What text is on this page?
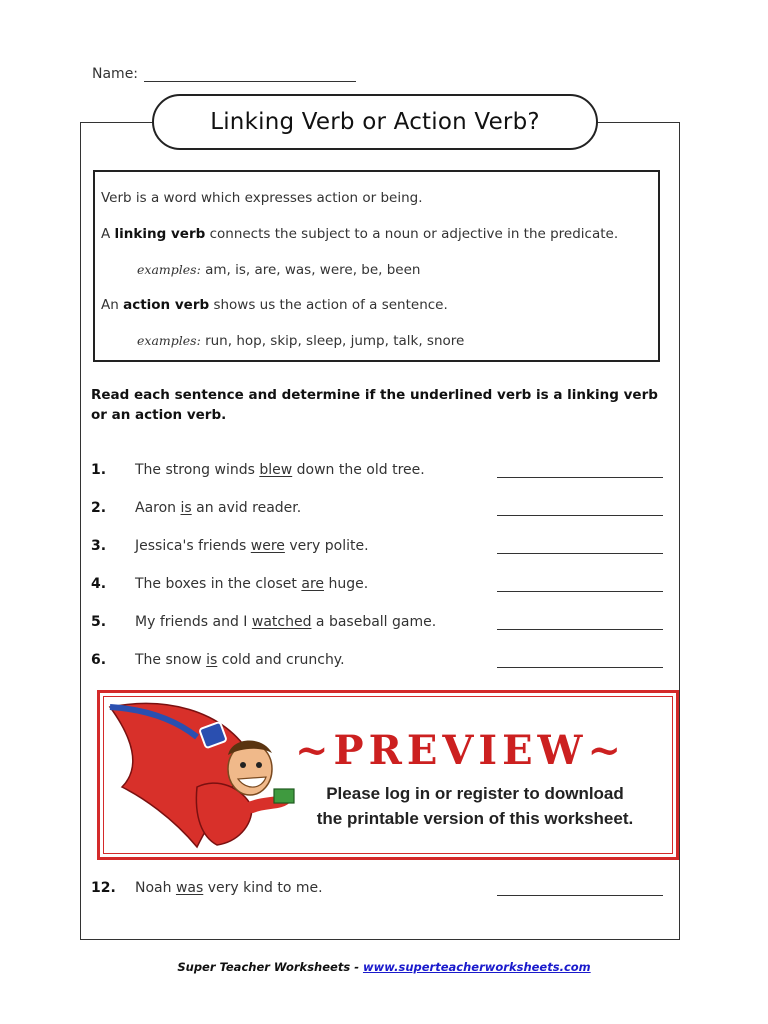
Name:
Linking Verb or Action Verb?
Verb is a word which expresses action or being.
A linking verb connects the subject to a noun or adjective in the predicate.
examples: am, is, are, was, were, be, been
An action verb shows us the action of a sentence.
examples: run, hop, skip, sleep, jump, talk, snore
Read each sentence and determine if the underlined verb is a linking verb or an action verb.
1. The strong winds blew down the old tree.
2. Aaron is an avid reader.
3. Jessica's friends were very polite.
4. The boxes in the closet are huge.
5. My friends and I watched a baseball game.
6. The snow is cold and crunchy.
~PREVIEW~
Please log in or register to download
the printable version of this worksheet.
12. Noah was very kind to me.
Super Teacher Worksheets - www.superteacherworksheets.com
